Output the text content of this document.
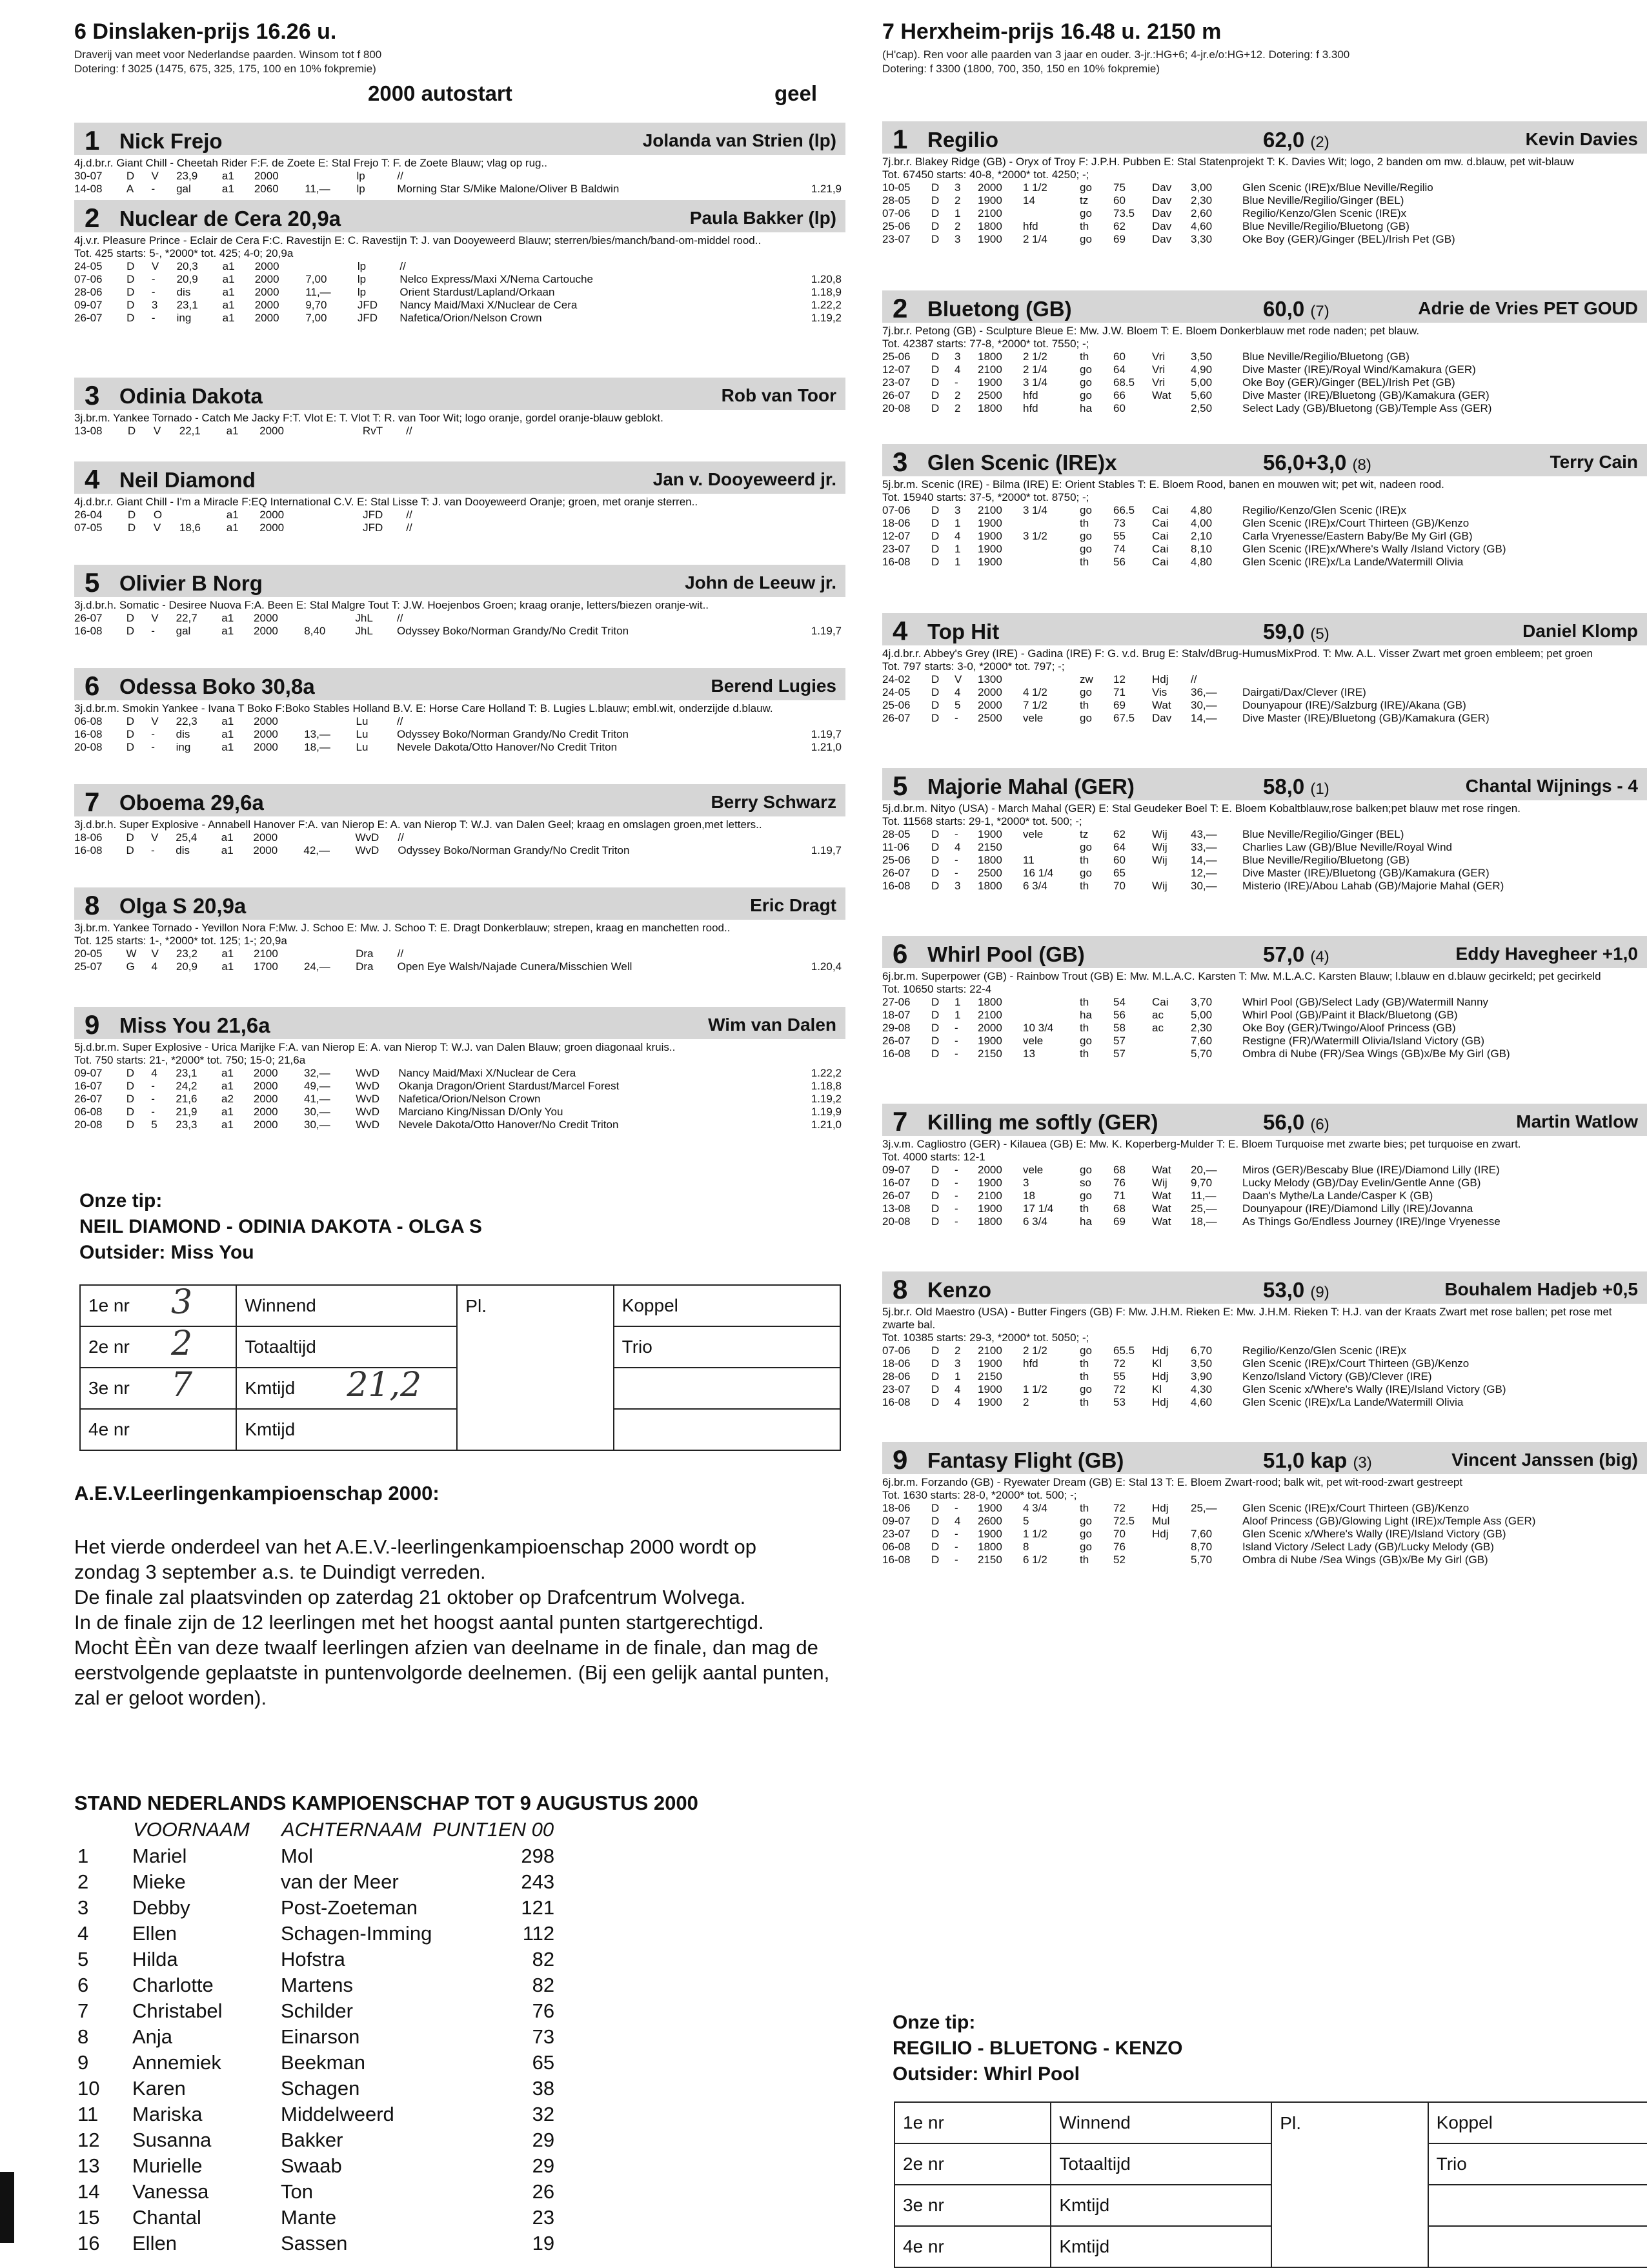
6 Dinslaken-prijs 16.26 u.
Draverij van meet voor Nederlandse paarden. Winsom tot f 800
Dotering: f 3025 (1475, 675, 325, 175, 100 en 10% fokpremie)
2000 autostart	geel
1 Nick Frejo	Jolanda van Strien (lp)
4j.d.br.r. Giant Chill - Cheetah Rider F:F. de Zoete E: Stal Frejo T: F. de Zoete Blauw; vlag op rug..
30-07	D	V	23,9	a1	2000		lp	//	
14-08	A	-	gal	a1	2060	11,—	lp	Morning Star S/Mike Malone/Oliver B Baldwin	1.21,9
2 Nuclear de Cera 20,9a	Paula Bakker (lp)
4j.v.r. Pleasure Prince - Eclair de Cera F:C. Ravestijn E: C. Ravestijn T: J. van Dooyeweerd Blauw; sterren/bies/manch/band-om-middel rood..
Tot. 425 starts: 5-, *2000* tot. 425; 4-0; 20,9a
24-05	D	V	20,3	a1	2000		lp	//	
07-06	D	-	20,9	a1	2000	7,00	lp	Nelco Express/Maxi X/Nema Cartouche	1.20,8
28-06	D	-	dis	a1	2000	11,—	lp	Orient Stardust/Lapland/Orkaan	1.18,9
09-07	D	3	23,1	a1	2000	9,70	JFD	Nancy Maid/Maxi X/Nuclear de Cera	1.22,2
26-07	D	-	ing	a1	2000	7,00	JFD	Nafetica/Orion/Nelson Crown	1.19,2
3 Odinia Dakota	Rob van Toor
3j.br.m. Yankee Tornado - Catch Me Jacky F:T. Vlot E: T. Vlot T: R. van Toor Wit; logo oranje, gordel oranje-blauw geblokt.
13-08	D	V	22,1	a1	2000		RvT	//	
4 Neil Diamond	Jan v. Dooyeweerd jr.
4j.d.br.r. Giant Chill - I'm a Miracle F:EQ International C.V. E: Stal Lisse T: J. van Dooyeweerd Oranje; groen, met oranje sterren..
26-04	D	O		a1	2000		JFD	//	
07-05	D	V	18,6	a1	2000		JFD	//	
5 Olivier B Norg	John de Leeuw jr.
3j.d.br.h. Somatic - Desiree Nuova F:A. Been E: Stal Malgre Tout T: J.W. Hoejenbos Groen; kraag oranje, letters/biezen oranje-wit..
26-07	D	V	22,7	a1	2000		JhL	//	
16-08	D	-	gal	a1	2000	8,40	JhL	Odyssey Boko/Norman Grandy/No Credit Triton	1.19,7
6 Odessa Boko 30,8a	Berend Lugies
3j.d.br.m. Smokin Yankee - Ivana T Boko F:Boko Stables Holland B.V. E: Horse Care Holland T: B. Lugies L.blauw; embl.wit, onderzijde d.blauw.
06-08	D	V	22,3	a1	2000		Lu	//	
16-08	D	-	dis	a1	2000	13,—	Lu	Odyssey Boko/Norman Grandy/No Credit Triton	1.19,7
20-08	D	-	ing	a1	2000	18,—	Lu	Nevele Dakota/Otto Hanover/No Credit Triton	1.21,0
7 Oboema 29,6a	Berry Schwarz
3j.d.br.h. Super Explosive - Annabell Hanover F:A. van Nierop E: A. van Nierop T: W.J. van Dalen Geel; kraag en omslagen groen,met letters..
18-06	D	V	25,4	a1	2000		WvD	//	
16-08	D	-	dis	a1	2000	42,—	WvD	Odyssey Boko/Norman Grandy/No Credit Triton	1.19,7
8 Olga S 20,9a	Eric Dragt
3j.br.m. Yankee Tornado - Yevillon Nora F:Mw. J. Schoo E: Mw. J. Schoo T: E. Dragt Donkerblauw; strepen, kraag en manchetten rood..
Tot. 125 starts: 1-, *2000* tot. 125; 1-; 20,9a
20-05	W	V	23,2	a1	2100		Dra	//	
25-07	G	4	20,9	a1	1700	24,—	Dra	Open Eye Walsh/Najade Cunera/Misschien Well	1.20,4
9 Miss You 21,6a	Wim van Dalen
5j.d.br.m. Super Explosive - Urica Marijke F:A. van Nierop E: A. van Nierop T: W.J. van Dalen Blauw; groen diagonaal kruis..
Tot. 750 starts: 21-, *2000* tot. 750; 15-0; 21,6a
09-07	D	4	23,1	a1	2000	32,—	WvD	Nancy Maid/Maxi X/Nuclear de Cera	1.22,2
16-07	D	-	24,2	a1	2000	49,—	WvD	Okanja Dragon/Orient Stardust/Marcel Forest	1.18,8
26-07	D	-	21,6	a2	2000	41,—	WvD	Nafetica/Orion/Nelson Crown	1.19,2
06-08	D	-	21,9	a1	2000	30,—	WvD	Marciano King/Nissan D/Only You	1.19,9
20-08	D	5	23,3	a1	2000	30,—	WvD	Nevele Dakota/Otto Hanover/No Credit Triton	1.21,0
Onze tip:
NEIL DIAMOND - ODINIA DAKOTA - OLGA S
Outsider: Miss You
1e nr 3	Winnend	Pl.	Koppel
2e nr 2	Totaaltijd		Trio
3e nr 7	Kmtijd 21,2		

4e nr	Kmtijd		
A.E.V.Leerlingenkampioenschap 2000:
Het vierde onderdeel van het A.E.V.-leerlingenkampioenschap 2000 wordt op zondag 3 september a.s. te Duindigt verreden.
De finale zal plaatsvinden op zaterdag 21 oktober op Drafcentrum Wolvega.
In de finale zijn de 12 leerlingen met het hoogst aantal punten startgerechtigd.
Mocht ÈÈn van deze twaalf leerlingen afzien van deelname in de finale, dan mag de eerstvolgende geplaatste in puntenvolgorde deelnemen. (Bij een gelijk aantal punten, zal er geloot worden).
STAND NEDERLANDS KAMPIOENSCHAP TOT 9 AUGUSTUS 2000
	VOORNAAM	ACHTERNAAM	PUNT1EN 00
1	Mariel	Mol	298
2	Mieke	van der Meer	243
3	Debby	Post-Zoeteman	121
4	Ellen	Schagen-Imming	112
5	Hilda	Hofstra	82
6	Charlotte	Martens	82
7	Christabel	Schilder	76
8	Anja	Einarson	73
9	Annemiek	Beekman	65
10	Karen	Schagen	38
11	Mariska	Middelweerd	32
12	Susanna	Bakker	29
13	Murielle	Swaab	29
14	Vanessa	Ton	26
15	Chantal	Mante	23
16	Ellen	Sassen	19
7 Herxheim-prijs 16.48 u. 2150 m
(H'cap). Ren voor alle paarden van 3 jaar en ouder. 3-jr.:HG+6; 4-jr.e/o:HG+12. Dotering: f 3.300
Dotering: f 3300 (1800, 700, 350, 150 en 10% fokpremie)
1 Regilio	62,0 (2)	Kevin Davies
7j.br.r. Blakey Ridge (GB) - Oryx of Troy F: J.P.H. Pubben E: Stal Statenprojekt T: K. Davies Wit; logo, 2 banden om mw. d.blauw, pet wit-blauw
Tot. 67450 starts: 40-8, *2000* tot. 4250; -;
10-05	D	3	2000	1 1/2	go	75	Dav	3,00	Glen Scenic (IRE)x/Blue Neville/Regilio
28-05	D	2	1900	14	tz	60	Dav	2,30	Blue Neville/Regilio/Ginger (BEL)
07-06	D	1	2100		go	73.5	Dav	2,60	Regilio/Kenzo/Glen Scenic (IRE)x
25-06	D	2	1800	hfd	th	62	Dav	4,60	Blue Neville/Regilio/Bluetong (GB)
23-07	D	3	1900	2 1/4	go	69	Dav	3,30	Oke Boy (GER)/Ginger (BEL)/Irish Pet (GB)
2 Bluetong (GB)	60,0 (7)	Adrie de Vries PET GOUD
7j.br.r. Petong (GB) - Sculpture Bleue E: Mw. J.W. Bloem T: E. Bloem Donkerblauw met rode naden; pet blauw.
Tot. 42387 starts: 77-8, *2000* tot. 7550; -;
25-06	D	3	1800	2 1/2	th	60	Vri	3,50	Blue Neville/Regilio/Bluetong (GB)
12-07	D	4	2100	2 1/4	go	64	Vri	4,90	Dive Master (IRE)/Royal Wind/Kamakura (GER)
23-07	D	-	1900	3 1/4	go	68.5	Vri	5,00	Oke Boy (GER)/Ginger (BEL)/Irish Pet (GB)
26-07	D	2	2500	hfd	go	66	Wat	5,60	Dive Master (IRE)/Bluetong (GB)/Kamakura (GER)
20-08	D	2	1800	hfd	ha	60		2,50	Select Lady (GB)/Bluetong (GB)/Temple Ass (GER)
3 Glen Scenic (IRE)x	56,0+3,0 (8)	Terry Cain
5j.br.m. Scenic (IRE) - Bilma (IRE) E: Orient Stables T: E. Bloem Rood, banen en mouwen wit; pet wit, nadeen rood.
Tot. 15940 starts: 37-5, *2000* tot. 8750; -;
07-06	D	3	2100	3 1/4	go	66.5	Cai	4,80	Regilio/Kenzo/Glen Scenic (IRE)x
18-06	D	1	1900		th	73	Cai	4,00	Glen Scenic (IRE)x/Court Thirteen (GB)/Kenzo
12-07	D	4	1900	3 1/2	go	55	Cai	2,10	Carla Vryenesse/Eastern Baby/Be My Girl (GB)
23-07	D	1	1900		go	74	Cai	8,10	Glen Scenic (IRE)x/Where's Wally /Island Victory (GB)
16-08	D	1	1900		th	56	Cai	4,80	Glen Scenic (IRE)x/La Lande/Watermill Olivia
4 Top Hit	59,0 (5)	Daniel Klomp
4j.d.br.r. Abbey's Grey (IRE) - Gadina (IRE) F: G. v.d. Brug E: Stalv/dBrug-HumusMixProd. T: Mw. A.L. Visser Zwart met groen embleem; pet groen
Tot. 797 starts: 3-0, *2000* tot. 797; -;
24-02	D	V	1300		zw	12	Hdj	//	
24-05	D	4	2000	4 1/2	go	71	Vis	36,—	Dairgati/Dax/Clever (IRE)
25-06	D	5	2000	7 1/2	th	69	Wat	30,—	Dounyapour (IRE)/Salzburg (IRE)/Akana (GB)
26-07	D	-	2500	vele	go	67.5	Dav	14,—	Dive Master (IRE)/Bluetong (GB)/Kamakura (GER)
5 Majorie Mahal (GER)	58,0 (1)	Chantal Wijnings - 4
5j.d.br.m. Nityo (USA) - March Mahal (GER) E: Stal Geudeker Boel T: E. Bloem Kobaltblauw,rose balken;pet blauw met rose ringen.
Tot. 11568 starts: 29-1, *2000* tot. 500; -;
28-05	D	-	1900	vele	tz	62	Wij	43,—	Blue Neville/Regilio/Ginger (BEL)
11-06	D	4	2150		go	64	Wij	33,—	Charlies Law (GB)/Blue Neville/Royal Wind
25-06	D	-	1800	11	th	60	Wij	14,—	Blue Neville/Regilio/Bluetong (GB)
26-07	D	-	2500	16 1/4	go	65		12,—	Dive Master (IRE)/Bluetong (GB)/Kamakura (GER)
16-08	D	3	1800	6 3/4	th	70	Wij	30,—	Misterio (IRE)/Abou Lahab (GB)/Majorie Mahal (GER)
6 Whirl Pool (GB)	57,0 (4)	Eddy Havegheer +1,0
6j.br.m. Superpower (GB) - Rainbow Trout (GB) E: Mw. M.L.A.C. Karsten T: Mw. M.L.A.C. Karsten Blauw; l.blauw en d.blauw gecirkeld; pet gecirkeld
Tot. 10650 starts: 22-4
27-06	D	1	1800		th	54	Cai	3,70	Whirl Pool (GB)/Select Lady (GB)/Watermill Nanny
18-07	D	1	2100		ha	56	ac	5,00	Whirl Pool (GB)/Paint it Black/Bluetong (GB)
29-08	D	-	2000	10 3/4	th	58	ac	2,30	Oke Boy (GER)/Twingo/Aloof Princess (GB)
26-07	D	-	1900	vele	go	57		7,60	Restigne (FR)/Watermill Olivia/Island Victory (GB)
16-08	D	-	2150	13	th	57		5,70	Ombra di Nube (FR)/Sea Wings (GB)x/Be My Girl (GB)
7 Killing me softly (GER)	56,0 (6)	Martin Watlow
3j.v.m. Cagliostro (GER) - Kilauea (GB) E: Mw. K. Koperberg-Mulder T: E. Bloem Turquoise met zwarte bies; pet turquoise en zwart.
Tot. 4000 starts: 12-1
09-07	D	-	2000	vele	go	68	Wat	20,—	Miros (GER)/Bescaby Blue (IRE)/Diamond Lilly (IRE)
16-07	D	-	1900	3	so	76	Wij	9,70	Lucky Melody (GB)/Day Evelin/Gentle Anne (GB)
26-07	D	-	2100	18	go	71	Wat	11,—	Daan's Mythe/La Lande/Casper K (GB)
13-08	D	-	1900	17 1/4	th	68	Wat	25,—	Dounyapour (IRE)/Diamond Lilly (IRE)/Jovanna
20-08	D	-	1800	6 3/4	ha	69	Wat	18,—	As Things Go/Endless Journey (IRE)/Inge Vryenesse
8 Kenzo	53,0 (9)	Bouhalem Hadjeb +0,5
5j.br.r. Old Maestro (USA) - Butter Fingers (GB) F: Mw. J.H.M. Rieken E: Mw. J.H.M. Rieken T: H.J. van der Kraats Zwart met rose ballen; pet rose met zwarte bal.
Tot. 10385 starts: 29-3, *2000* tot. 5050; -;
07-06	D	2	2100	2 1/2	go	65.5	Hdj	6,70	Regilio/Kenzo/Glen Scenic (IRE)x
18-06	D	3	1900	hfd	th	72	Kl	3,50	Glen Scenic (IRE)x/Court Thirteen (GB)/Kenzo
28-06	D	1	2150		th	55	Hdj	3,90	Kenzo/Island Victory (GB)/Clever (IRE)
23-07	D	4	1900	1 1/2	go	72	Kl	4,30	Glen Scenic x/Where's Wally (IRE)/Island Victory (GB)
16-08	D	4	1900	2	th	53	Hdj	4,60	Glen Scenic (IRE)x/La Lande/Watermill Olivia
9 Fantasy Flight (GB)	51,0 kap (3)	Vincent Janssen (big)
6j.br.m. Forzando (GB) - Ryewater Dream (GB) E: Stal 13 T: E. Bloem Zwart-rood; balk wit, pet wit-rood-zwart gestreept
Tot. 1630 starts: 28-0, *2000* tot. 500; -;
18-06	D	-	1900	4 3/4	th	72	Hdj	25,—	Glen Scenic (IRE)x/Court Thirteen (GB)/Kenzo
09-07	D	4	2600	5	go	72.5	Mul		Aloof Princess (GB)/Glowing Light (IRE)x/Temple Ass (GER)
23-07	D	-	1900	1 1/2	go	70	Hdj	7,60	Glen Scenic x/Where's Wally (IRE)/Island Victory (GB)
06-08	D	-	1800	8	go	76		8,70	Island Victory /Select Lady (GB)/Lucky Melody (GB)
16-08	D	-	2150	6 1/2	th	52		5,70	Ombra di Nube /Sea Wings (GB)x/Be My Girl (GB)
Onze tip:
REGILIO - BLUETONG - KENZO
Outsider: Whirl Pool
1e nr	Winnend	Pl.	Koppel
2e nr	Totaaltijd		Trio
3e nr	Kmtijd		
4e nr	Kmtijd		
